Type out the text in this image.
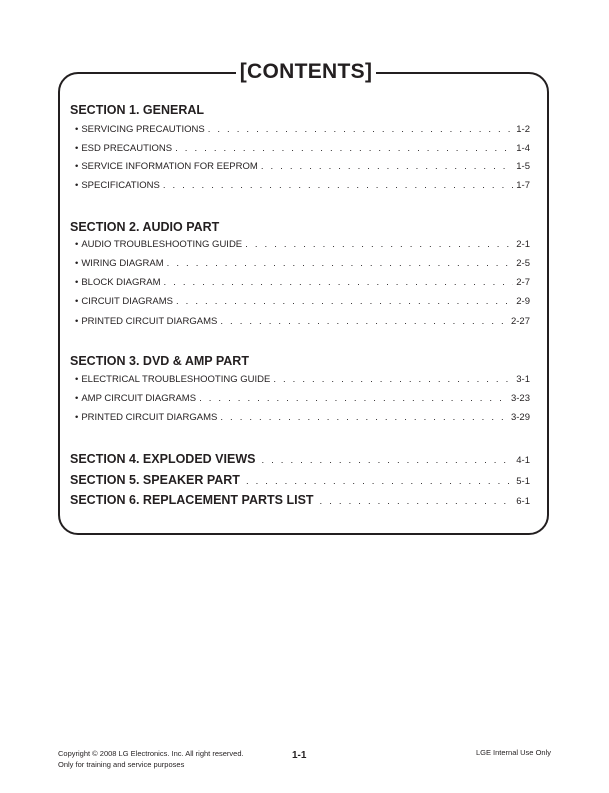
[CONTENTS]
SECTION 1. GENERAL
• SERVICING PRECAUTIONS . . .	1-2
• ESD PRECAUTIONS . . .	1-4
• SERVICE INFORMATION FOR EEPROM . . .	1-5
• SPECIFICATIONS . . .	1-7
SECTION 2. AUDIO PART
• AUDIO TROUBLESHOOTING GUIDE . . .	2-1
• WIRING DIAGRAM . . .	2-5
• BLOCK DIAGRAM . . .	2-7
• CIRCUIT DIAGRAMS . . .	2-9
• PRINTED CIRCUIT DIARGAMS . . .	2-27
SECTION 3. DVD & AMP PART
• ELECTRICAL TROUBLESHOOTING GUIDE . . .	3-1
• AMP CIRCUIT DIAGRAMS . . .	3-23
• PRINTED CIRCUIT DIARGAMS . . .	3-29
SECTION 4. EXPLODED VIEWS . . .	4-1
SECTION 5. SPEAKER PART . . .	5-1
SECTION 6. REPLACEMENT PARTS LIST . . .	6-1
Copyright © 2008 LG Electronics. Inc. All right reserved.
Only for training and service purposes
1-1	LGE Internal Use Only
